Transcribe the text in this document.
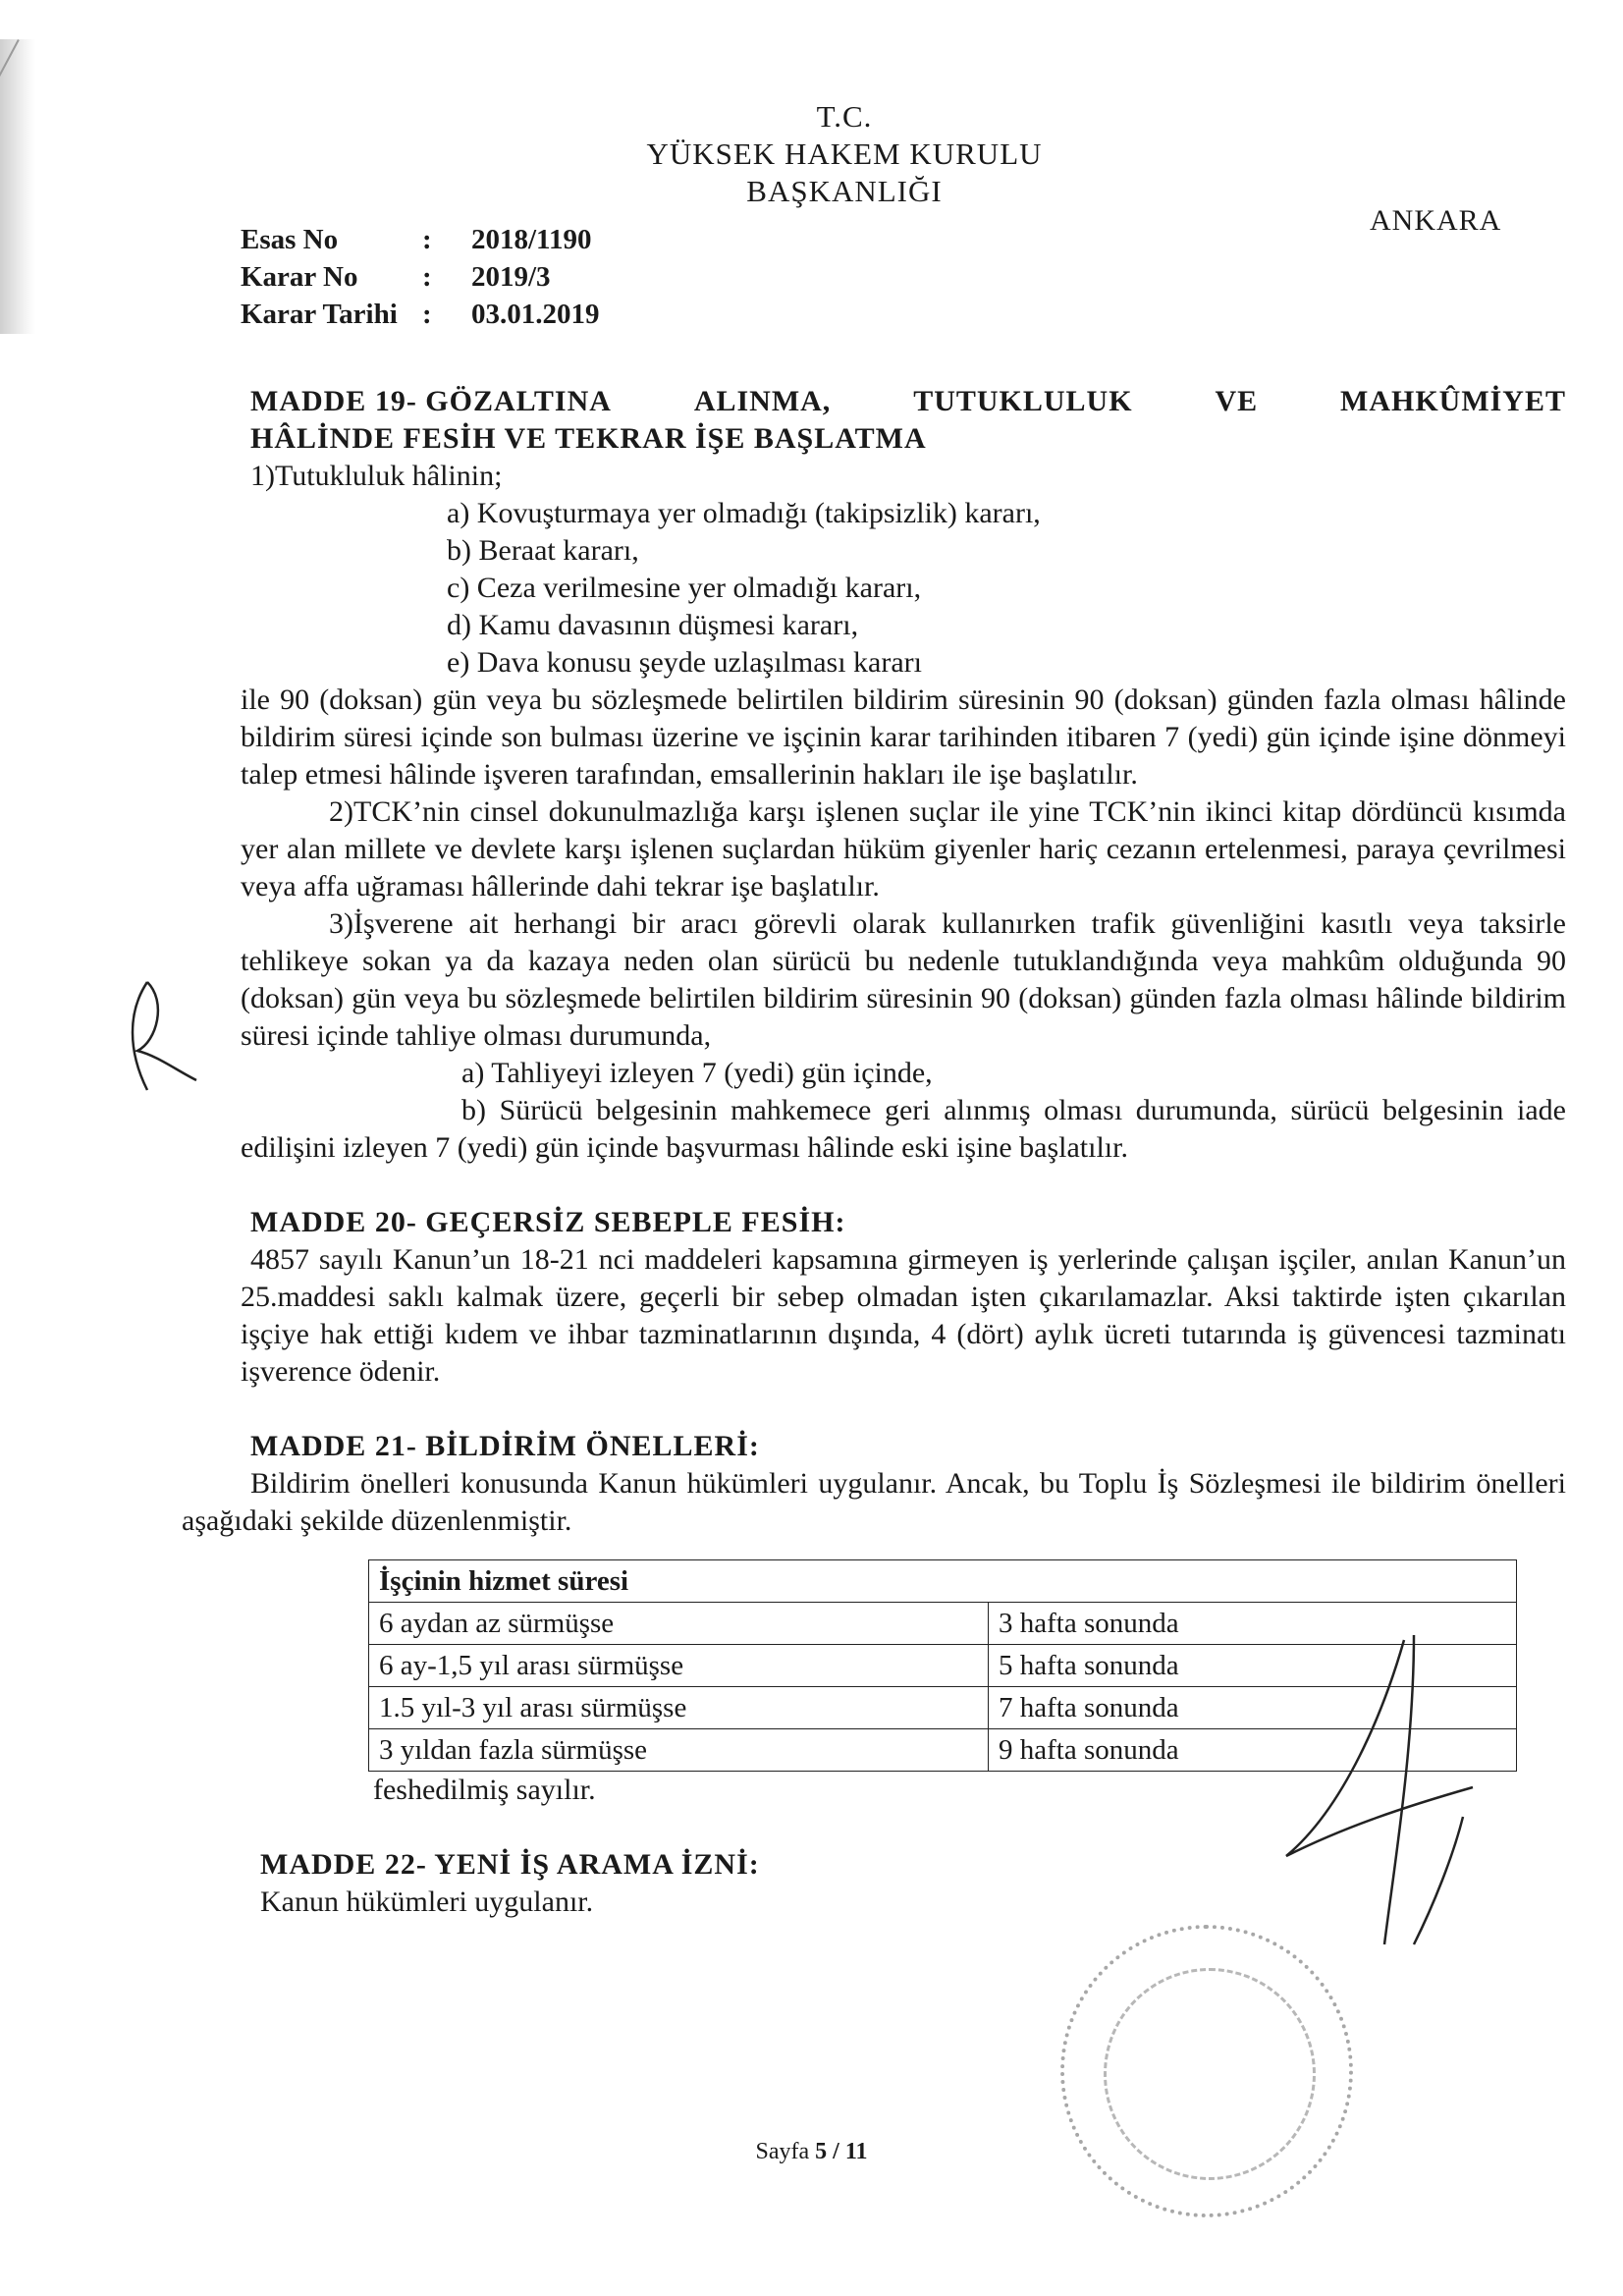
T.C.
YÜKSEK HAKEM KURULU
BAŞKANLIĞI
ANKARA
Esas No	:	2018/1190
Karar No	:	2019/3
Karar Tarihi :	03.01.2019
MADDE 19- GÖZALTINA	ALINMA,	TUTUKLULUK	VE	MAHKÛMİYET
HÂLİNDE FESİH VE TEKRAR İŞE BAŞLATMA
1)Tutukluluk hâlinin;
a) Kovuşturmaya yer olmadığı (takipsizlik) kararı,
b) Beraat kararı,
c) Ceza verilmesine yer olmadığı kararı,
d) Kamu davasının düşmesi kararı,
e) Dava konusu şeyde uzlaşılması kararı
ile 90 (doksan) gün veya bu sözleşmede belirtilen bildirim süresinin 90 (doksan) günden fazla olması hâlinde bildirim süresi içinde son bulması üzerine ve işçinin karar tarihinden itibaren 7 (yedi) gün içinde işine dönmeyi talep etmesi hâlinde işveren tarafından, emsallerinin hakları ile işe başlatılır.
2)TCK’nin cinsel dokunulmazlığa karşı işlenen suçlar ile yine TCK’nin ikinci kitap dördüncü kısımda yer alan millete ve devlete karşı işlenen suçlardan hüküm giyenler hariç cezanın ertelenmesi, paraya çevrilmesi veya affa uğraması hâllerinde dahi tekrar işe başlatılır.
3)İşverene ait herhangi bir aracı görevli olarak kullanırken trafik güvenliğini kasıtlı veya taksirle tehlikeye sokan ya da kazaya neden olan sürücü bu nedenle tutuklandığında veya mahkûm olduğunda 90 (doksan) gün veya bu sözleşmede belirtilen bildirim süresinin 90 (doksan) günden fazla olması hâlinde bildirim süresi içinde tahliye olması durumunda,
a) Tahliyeyi izleyen 7 (yedi) gün içinde,
b) Sürücü belgesinin mahkemece geri alınmış olması durumunda, sürücü belgesinin iade edilişini izleyen 7 (yedi) gün içinde başvurması hâlinde eski işine başlatılır.
MADDE 20- GEÇERSİZ SEBEPLE FESİH:
4857 sayılı Kanun’un 18-21 nci maddeleri kapsamına girmeyen iş yerlerinde çalışan işçiler, anılan Kanun’un 25.maddesi saklı kalmak üzere, geçerli bir sebep olmadan işten çıkarılamazlar. Aksi taktirde işten çıkarılan işçiye hak ettiği kıdem ve ihbar tazminatlarının dışında, 4 (dört) aylık ücreti tutarında iş güvencesi tazminatı işverence ödenir.
MADDE 21- BİLDİRİM ÖNELLERİ:
Bildirim önelleri konusunda Kanun hükümleri uygulanır. Ancak, bu Toplu İş Sözleşmesi ile bildirim önelleri aşağıdaki şekilde düzenlenmiştir.
İşçinin hizmet süresi	
6 aydan az sürmüşse	3 hafta sonunda
6 ay-1,5 yıl arası sürmüşse	5 hafta sonunda
1.5 yıl-3 yıl arası sürmüşse	7 hafta sonunda
3 yıldan fazla sürmüşse	9 hafta sonunda
feshedilmiş sayılır.
MADDE 22- YENİ İŞ ARAMA İZNİ:
Kanun hükümleri uygulanır.
Sayfa 5 / 11
